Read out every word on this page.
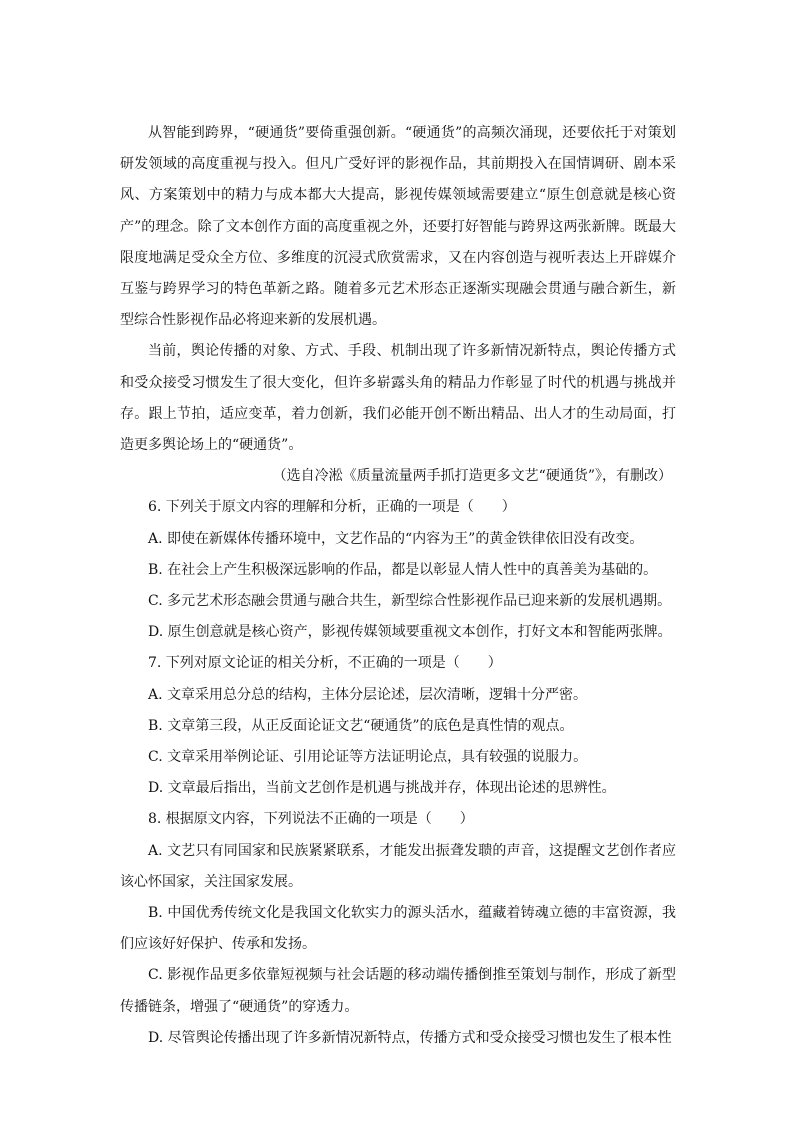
从智能到跨界，“硬通货”要倚重强创新。“硬通货”的高频次涌现，还要依托于对策划研发领域的高度重视与投入。但凡广受好评的影视作品，其前期投入在国情调研、剧本采风、方案策划中的精力与成本都大大提高，影视传媒领域需要建立“原生创意就是核心资产”的理念。除了文本创作方面的高度重视之外，还要打好智能与跨界这两张新牌。既最大限度地满足受众全方位、多维度的沉浸式欣赏需求，又在内容创造与视听表达上开辟媒介互鉴与跨界学习的特色革新之路。随着多元艺术形态正逐渐实现融会贯通与融合新生，新型综合性影视作品必将迎来新的发展机遇。

当前，舆论传播的对象、方式、手段、机制出现了许多新情况新特点，舆论传播方式和受众接受习惯发生了很大变化，但许多崭露头角的精品力作彰显了时代的机遇与挑战并存。跟上节拍，适应变革，着力创新，我们必能开创不断出精品、出人才的生动局面，打造更多舆论场上的“硬通货”。

（选自冷淞《质量流量两手抓打造更多文艺“硬通货”》，有删改）

6. 下列关于原文内容的理解和分析，正确的一项是（　　）

A. 即使在新媒体传播环境中，文艺作品的“内容为王”的黄金铁律依旧没有改变。

B. 在社会上产生积极深远影响的作品，都是以彰显人情人性中的真善美为基础的。

C. 多元艺术形态融会贯通与融合共生，新型综合性影视作品已迎来新的发展机遇期。

D. 原生创意就是核心资产，影视传媒领域要重视文本创作，打好文本和智能两张牌。

7. 下列对原文论证的相关分析，不正确的一项是（　　）

A. 文章采用总分总的结构，主体分层论述，层次清晰，逻辑十分严密。

B. 文章第三段，从正反面论证文艺“硬通货”的底色是真性情的观点。

C. 文章采用举例论证、引用论证等方法证明论点，具有较强的说服力。

D. 文章最后指出，当前文艺创作是机遇与挑战并存，体现出论述的思辨性。

8. 根据原文内容，下列说法不正确的一项是（　　）

A. 文艺只有同国家和民族紧紧联系，才能发出振聋发聩的声音，这提醒文艺创作者应该心怀国家，关注国家发展。

B. 中国优秀传统文化是我国文化软实力的源头活水，蕴藏着铸魂立德的丰富资源，我们应该好好保护、传承和发扬。

C. 影视作品更多依靠短视频与社会话题的移动端传播倒推至策划与制作，形成了新型传播链条，增强了“硬通货”的穿透力。

D. 尽管舆论传播出现了许多新情况新特点，传播方式和受众接受习惯也发生了根本性
